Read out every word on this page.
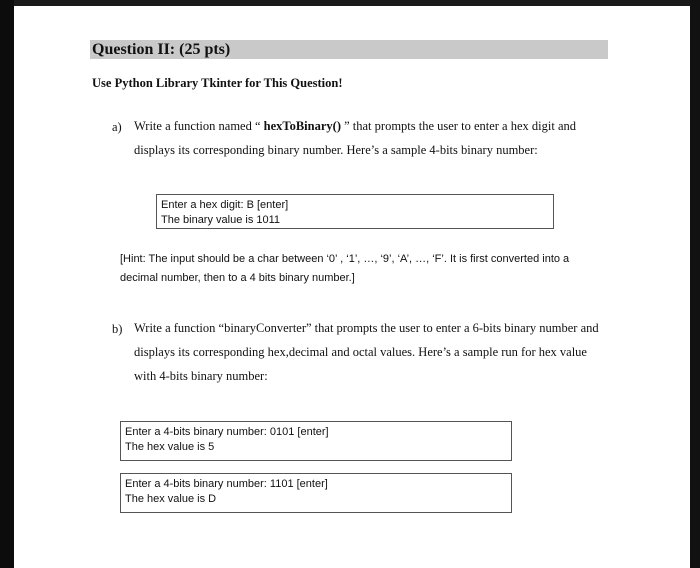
Question II: (25 pts)
Use Python Library Tkinter for This Question!
a) Write a function named “ hexToBinary() ” that prompts the user to enter a hex digit and
displays its corresponding binary number. Here’s a sample 4-bits binary number:
Enter a hex digit: B [enter]
The binary value is 1011
[Hint: The input should be a char between ‘0’ , ‘1’, …, ‘9’, ‘A’, …, ‘F’. It is first converted into a
decimal number, then to a 4 bits binary number.]
b) Write a function “binaryConverter” that prompts the user to enter a 6-bits binary number and
displays its corresponding hex,decimal and octal values. Here’s a sample run for hex value
with 4-bits binary number:
Enter a 4-bits binary number: 0101 [enter]
The hex value is 5
Enter a 4-bits binary number: 1101 [enter]
The hex value is D
